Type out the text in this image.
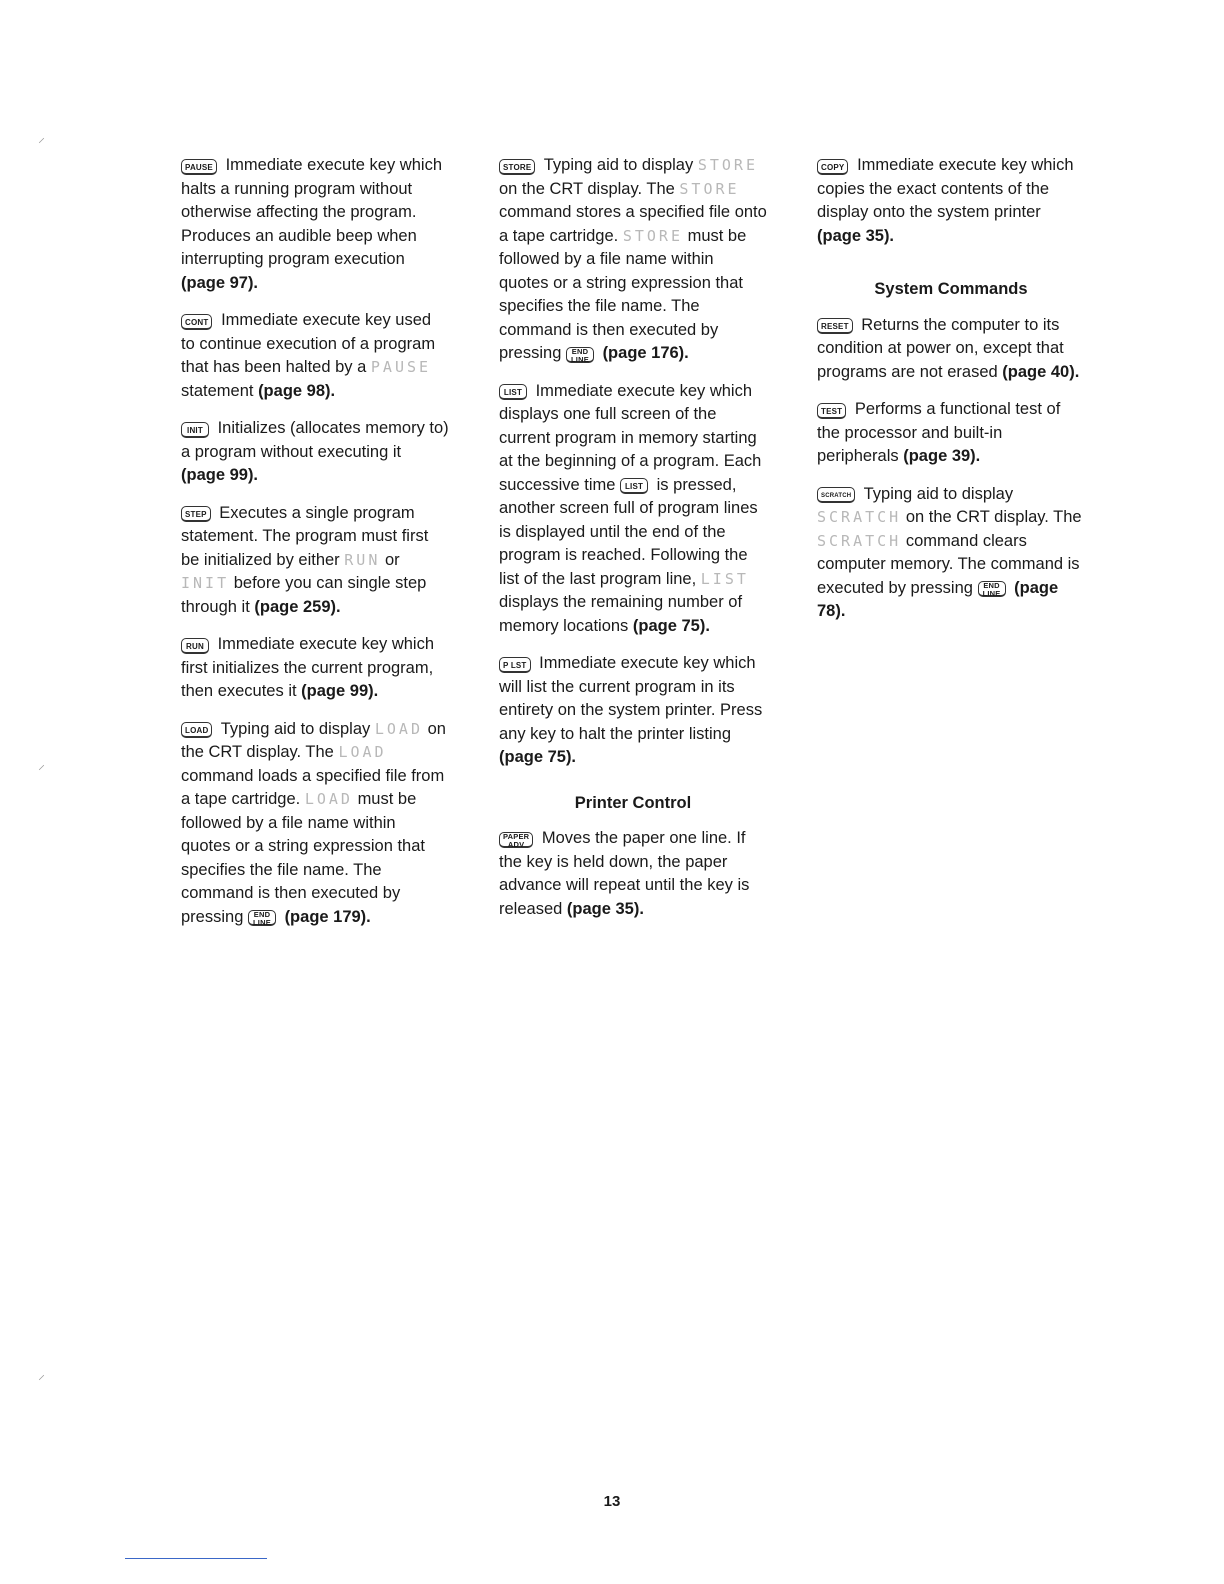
⸝
⸝
⸝

PAUSE Immediate execute key which halts a running program without otherwise affecting the program. Produces an audible beep when interrupting program execution (page 97).

CONT Immediate execute key used to continue execution of a program that has been halted by a PAUSE statement (page 98).

INIT Initializes (allocates memory to) a program without executing it (page 99).

STEP Executes a single program statement. The program must first be initialized by either RUN or INIT before you can single step through it (page 259).

RUN Immediate execute key which first initializes the current program, then executes it (page 99).

LOAD Typing aid to display LOAD on the CRT display. The LOAD command loads a specified file from a tape cartridge. LOAD must be followed by a file name within quotes or a string expression that specifies the file name. The command is then executed by pressing END
LINE (page 179).

STORE Typing aid to display STORE on the CRT display. The STORE command stores a specified file onto a tape cartridge. STORE must be followed by a file name within quotes or a string expression that specifies the file name. The command is then executed by pressing END
LINE (page 176).

LIST Immediate execute key which displays one full screen of the current program in memory starting at the beginning of a program. Each successive time LIST is pressed, another screen full of program lines is displayed until the end of the program is reached. Following the list of the last program line, LIST displays the remaining number of memory locations (page 75).

P LST Immediate execute key which will list the current program in its entirety on the system printer. Press any key to halt the printer listing (page 75).

Printer Control

PAPER
ADV Moves the paper one line. If the key is held down, the paper advance will repeat until the key is released (page 35).

COPY Immediate execute key which copies the exact contents of the display onto the system printer (page 35).

System Commands

RESET Returns the computer to its condition at power on, except that programs are not erased (page 40).

TEST Performs a functional test of the processor and built-in peripherals (page 39).

SCRATCH Typing aid to display SCRATCH on the CRT display. The SCRATCH command clears computer memory. The command is executed by pressing END
LINE (page 78).

13
